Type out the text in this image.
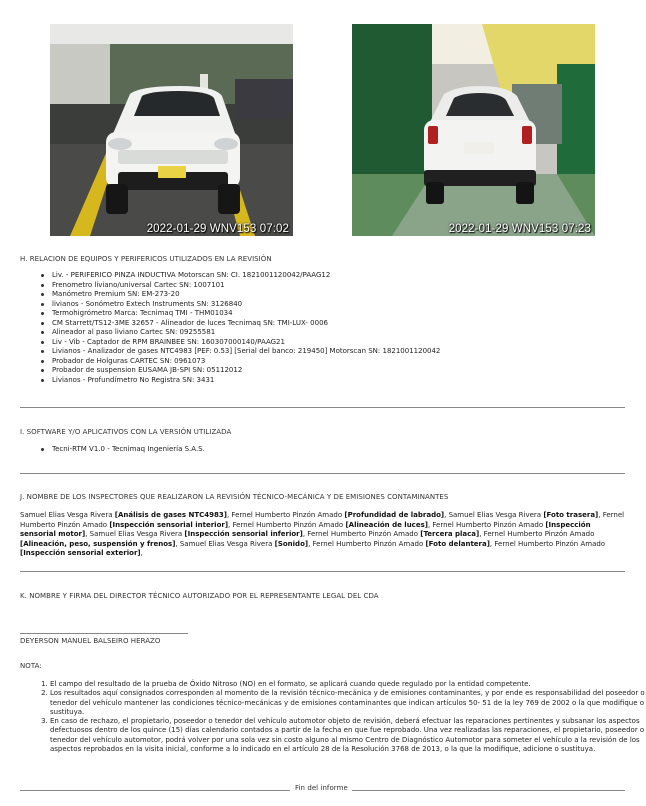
2022-01-29 WNV153 07:02	2022-01-29 WNV153 07:23
H. RELACION DE EQUIPOS Y PERIFERICOS UTILIZADOS EN LA REVISIÓN
Liv. - PERIFERICO PINZA INDUCTIVA Motorscan SN: CI. 1821001120042/PAAG12
Frenometro liviano/universal Cartec SN: 1007101
Manómetro Premium SN: EM-273-20
livianos - Sonómetro Extech Instruments SN: 3126840
Termohigrómetro Marca: Tecnimaq TMI - THM01034
CM Starrett/TS12-3ME 32657 - Alineador de luces Tecnimaq SN: TMI-LUX- 0006
Alineador al paso liviano Cartec SN: 09255581
Liv - Vib - Captador de RPM BRAINBEE SN: 160307000140/PAAG21
Livianos - Analizador de gases NTC4983 [PEF: 0.53] [Serial del banco: 219450] Motorscan SN: 1821001120042
Probador de Holguras CARTEC SN: 0961073
Probador de suspension EUSAMA JB-SPI SN: 05112012
Livianos - Profundímetro No Registra SN: 3431
I. SOFTWARE Y/O APLICATIVOS CON LA VERSIÓN UTILIZADA
Tecni-RTM V1.0 - Tecnimaq Ingeniería S.A.S.
J. NOMBRE DE LOS INSPECTORES QUE REALIZARON LA REVISIÓN TÉCNICO-MECÁNICA Y DE EMISIONES CONTAMINANTES
Samuel Elias Vesga Rivera [Análisis de gases NTC4983], Fernel Humberto Pinzón Amado [Profundidad de labrado], Samuel Elias Vesga Rivera [Foto trasera], Fernel Humberto Pinzón Amado [Inspección sensorial interior], Fernel Humberto Pinzón Amado [Alineación de luces], Fernel Humberto Pinzón Amado [Inspección sensorial motor], Samuel Elias Vesga Rivera [Inspección sensorial inferior], Fernel Humberto Pinzón Amado [Tercera placa], Fernel Humberto Pinzón Amado [Alineación, peso, suspensión y frenos], Samuel Elias Vesga Rivera [Sonido], Fernel Humberto Pinzón Amado [Foto delantera], Fernel Humberto Pinzón Amado [Inspección sensorial exterior],
K. NOMBRE Y FIRMA DEL DIRECTOR TÉCNICO AUTORIZADO POR EL REPRESENTANTE LEGAL DEL CDA
DEYERSON MANUEL BALSEIRO HERAZO
NOTA:
1. El campo del resultado de la prueba de Óxido Nitroso (NO) en el formato, se aplicará cuando quede regulado por la entidad competente.
2. Los resultados aquí consignados corresponden al momento de la revisión técnico-mecánica y de emisiones contaminantes, y por ende es responsabilidad del poseedor o tenedor del vehículo mantener las condiciones técnico-mecánicas y de emisiones contaminantes que indican artículos 50- 51 de la ley 769 de 2002 o la que modifique o sustituya.
3. En caso de rechazo, el propietario, poseedor o tenedor del vehículo automotor objeto de revisión, deberá efectuar las reparaciones pertinentes y subsanar los aspectos defectuosos dentro de los quince (15) días calendario contados a partir de la fecha en que fue reprobado. Una vez realizadas las reparaciones, el propietario, poseedor o tenedor del vehículo automotor, podrá volver por una sola vez sin costo alguno al mismo Centro de Diagnóstico Automotor para someter el vehículo a la revisión de los aspectos reprobados en la visita inicial, conforme a lo indicado en el artículo 28 de la Resolución 3768 de 2013, o la que la modifique, adicione o sustituya.
Fin del informe
